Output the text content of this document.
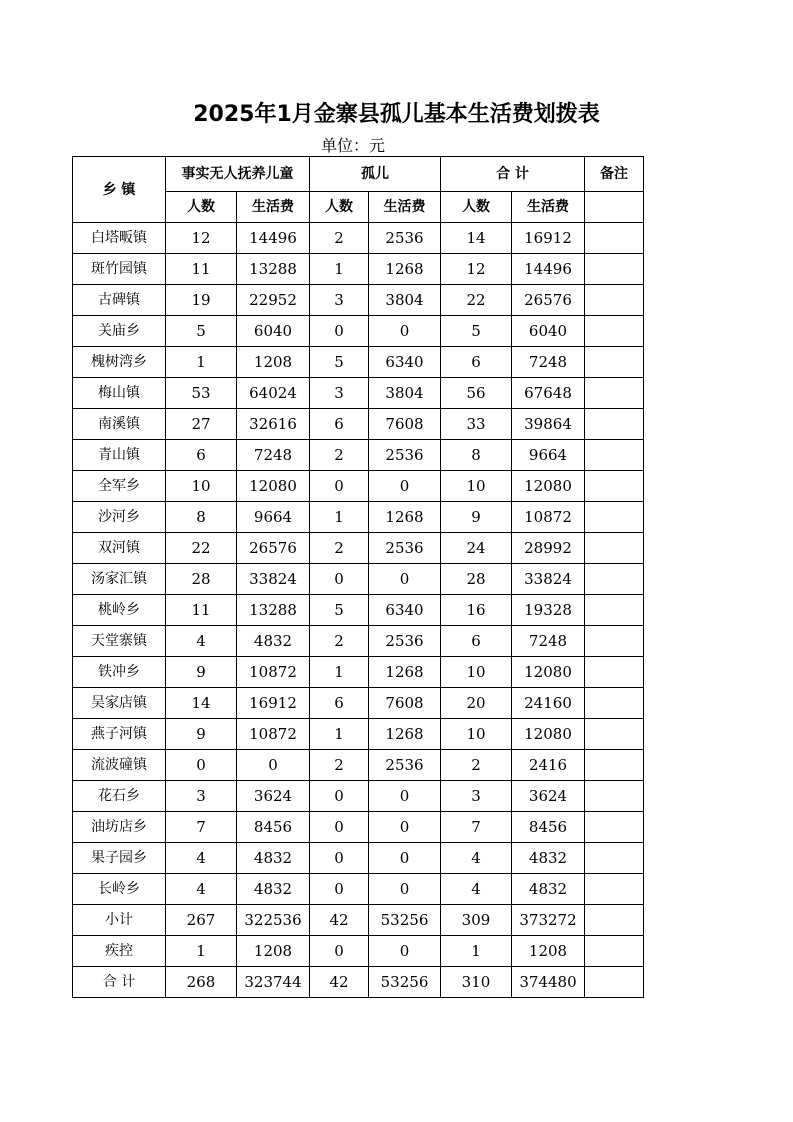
2025年1月金寨县孤儿基本生活费划拨表
单位：元
乡 镇	事实无人抚养儿童		孤儿		合 计		备注
	人数	生活费	人数	生活费	人数	生活费	
白塔畈镇	12	14496	2	2536	14	16912	
斑竹园镇	11	13288	1	1268	12	14496	
古碑镇	19	22952	3	3804	22	26576	
关庙乡	5	6040	0	0	5	6040	
槐树湾乡	1	1208	5	6340	6	7248	
梅山镇	53	64024	3	3804	56	67648	
南溪镇	27	32616	6	7608	33	39864	
青山镇	6	7248	2	2536	8	9664	
全军乡	10	12080	0	0	10	12080	
沙河乡	8	9664	1	1268	9	10872	
双河镇	22	26576	2	2536	24	28992	
汤家汇镇	28	33824	0	0	28	33824	
桃岭乡	11	13288	5	6340	16	19328	
天堂寨镇	4	4832	2	2536	6	7248	
铁冲乡	9	10872	1	1268	10	12080	
吴家店镇	14	16912	6	7608	20	24160	
燕子河镇	9	10872	1	1268	10	12080	
流波䃥镇	0	0	2	2536	2	2416	
花石乡	3	3624	0	0	3	3624	
油坊店乡	7	8456	0	0	7	8456	
果子园乡	4	4832	0	0	4	4832	
长岭乡	4	4832	0	0	4	4832	
小计	267	322536	42	53256	309	373272	
疾控	1	1208	0	0	1	1208	
合 计	268	323744	42	53256	310	374480	
